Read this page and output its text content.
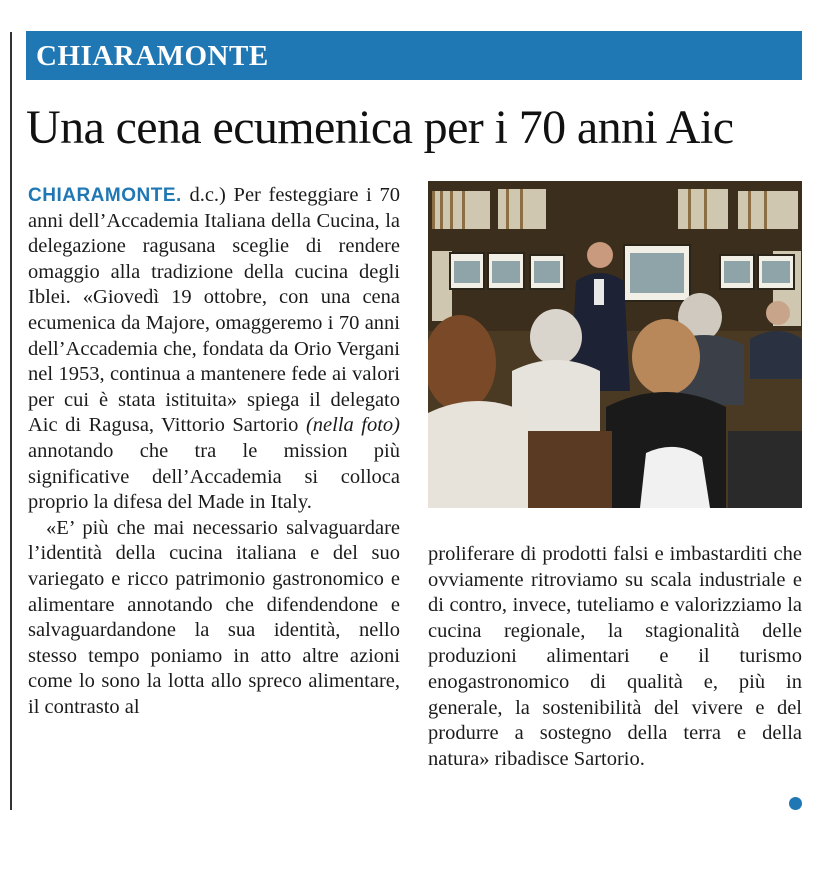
CHIARAMONTE
Una cena ecumenica per i 70 anni Aic

CHIARAMONTE. d.c.) Per festeggiare i 70 anni dell’Accademia Italiana della Cucina, la delegazione ragusana sceglie di rendere omaggio alla tradizione della cucina degli Iblei. «Giovedì 19 ottobre, con una cena ecumenica da Majore, omaggeremo i 70 anni dell’Accademia che, fondata da Orio Vergani nel 1953, continua a mantenere fede ai valori per cui è stata istituita» spiega il delegato Aic di Ragusa, Vittorio Sartorio (nella foto) annotando che tra le mission più significative dell’Accademia si colloca proprio la difesa del Made in Italy.

«E’ più che mai necessario salvaguardare l’identità della cucina italiana e del suo variegato e ricco patrimonio gastronomico e alimentare annotando che difendendone e salvaguardandone la sua identità, nello stesso tempo poniamo in atto altre azioni come lo sono la lotta allo spreco alimentare, il contrasto al

proliferare di prodotti falsi e imbastarditi che ovviamente ritroviamo su scala industriale e di contro, invece, tuteliamo e valorizziamo la cucina regionale, la stagionalità delle produzioni alimentari e il turismo enogastronomico di qualità e, più in generale, la sostenibilità del vivere e del produrre a sostegno della terra e della natura» ribadisce Sartorio.
